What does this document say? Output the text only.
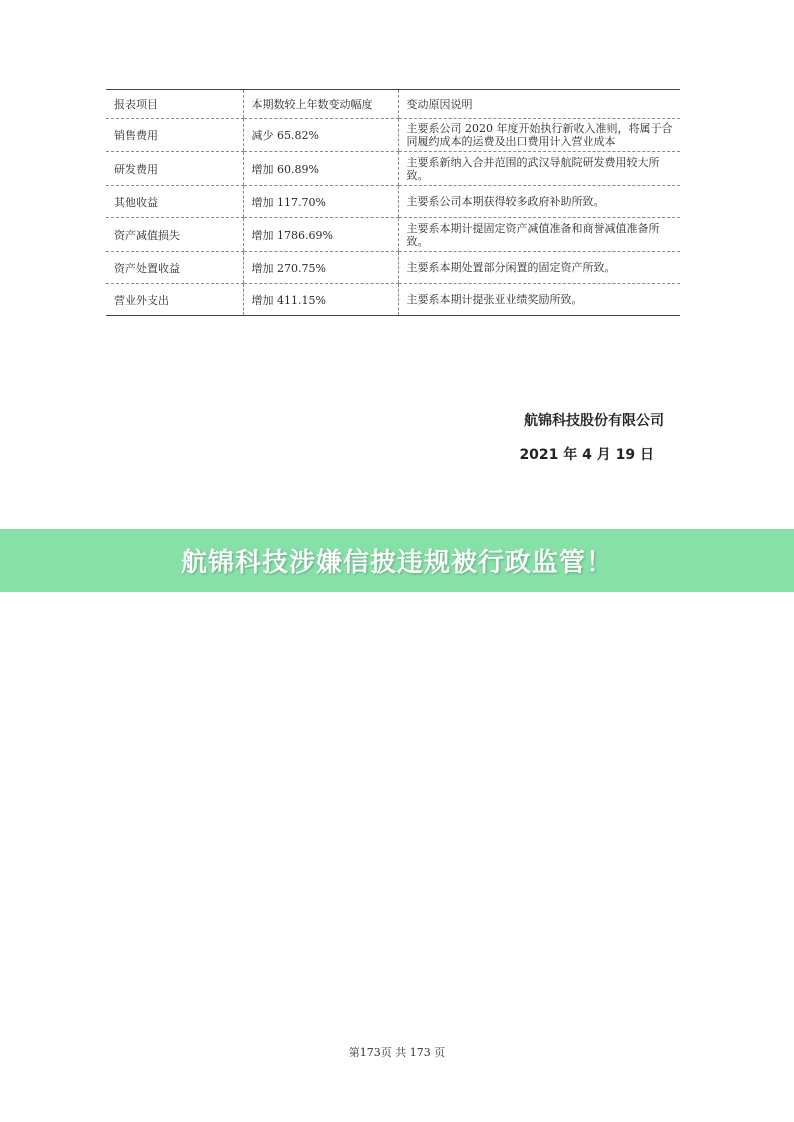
报表项目	本期数较上年数变动幅度	变动原因说明
销售费用	减少 65.82%	主要系公司 2020 年度开始执行新收入准则，将属于合同履约成本的运费及出口费用计入营业成本
研发费用	增加 60.89%	主要系新纳入合并范围的武汉导航院研发费用较大所致。
其他收益	增加 117.70%	主要系公司本期获得较多政府补助所致。
资产减值损失	增加 1786.69%	主要系本期计提固定资产减值准备和商誉减值准备所致。
资产处置收益	增加 270.75%	主要系本期处置部分闲置的固定资产所致。
营业外支出	增加 411.15%	主要系本期计提张亚业绩奖励所致。
航锦科技股份有限公司
2021 年 4 月 19 日
航锦科技涉嫌信披违规被行政监管！
第173页 共 173 页
